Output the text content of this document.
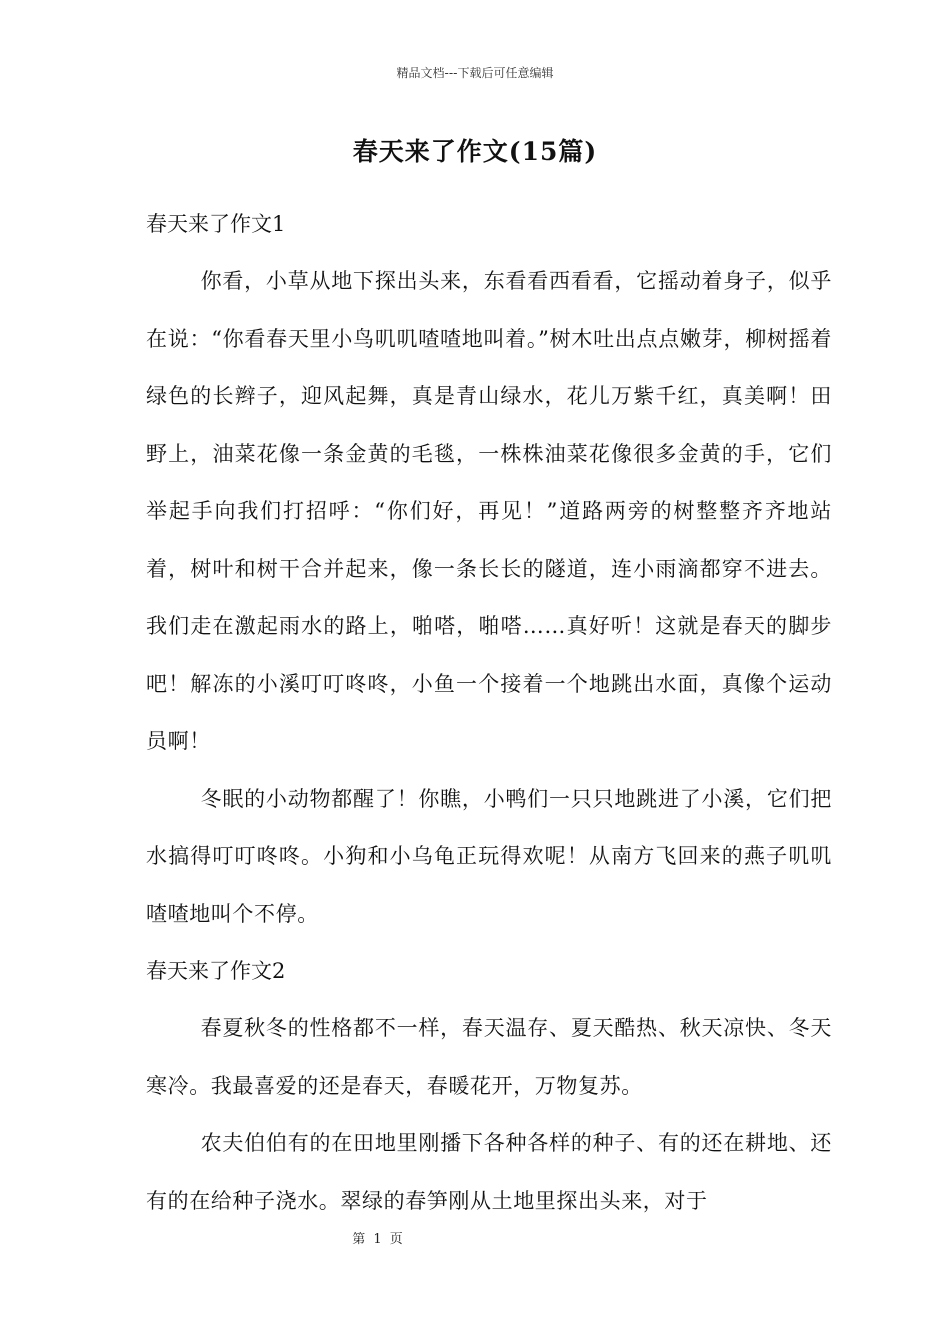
精品文档---下载后可任意编辑
春天来了作文(15篇)
春天来了作文1

你看，小草从地下探出头来，东看看西看看，它摇动着身子，似乎在说：“你看春天里小鸟叽叽喳喳地叫着。”树木吐出点点嫩芽，柳树摇着绿色的长辫子，迎风起舞，真是青山绿水，花儿万紫千红，真美啊！田野上，油菜花像一条金黄的毛毯，一株株油菜花像很多金黄的手，它们举起手向我们打招呼：“你们好，再见！”道路两旁的树整整齐齐地站着，树叶和树干合并起来，像一条长长的隧道，连小雨滴都穿不进去。我们走在激起雨水的路上，啪嗒，啪嗒……真好听！这就是春天的脚步吧！解冻的小溪叮叮咚咚，小鱼一个接着一个地跳出水面，真像个运动员啊！

冬眠的小动物都醒了！你瞧，小鸭们一只只地跳进了小溪，它们把水搞得叮叮咚咚。小狗和小乌龟正玩得欢呢！从南方飞回来的燕子叽叽喳喳地叫个不停。

春天来了作文2

春夏秋冬的性格都不一样，春天温存、夏天酷热、秋天凉快、冬天寒冷。我最喜爱的还是春天，春暖花开，万物复苏。

农夫伯伯有的在田地里刚播下各种各样的种子、有的还在耕地、还有的在给种子浇水。翠绿的春笋刚从土地里探出头来，对于

第 1 页
